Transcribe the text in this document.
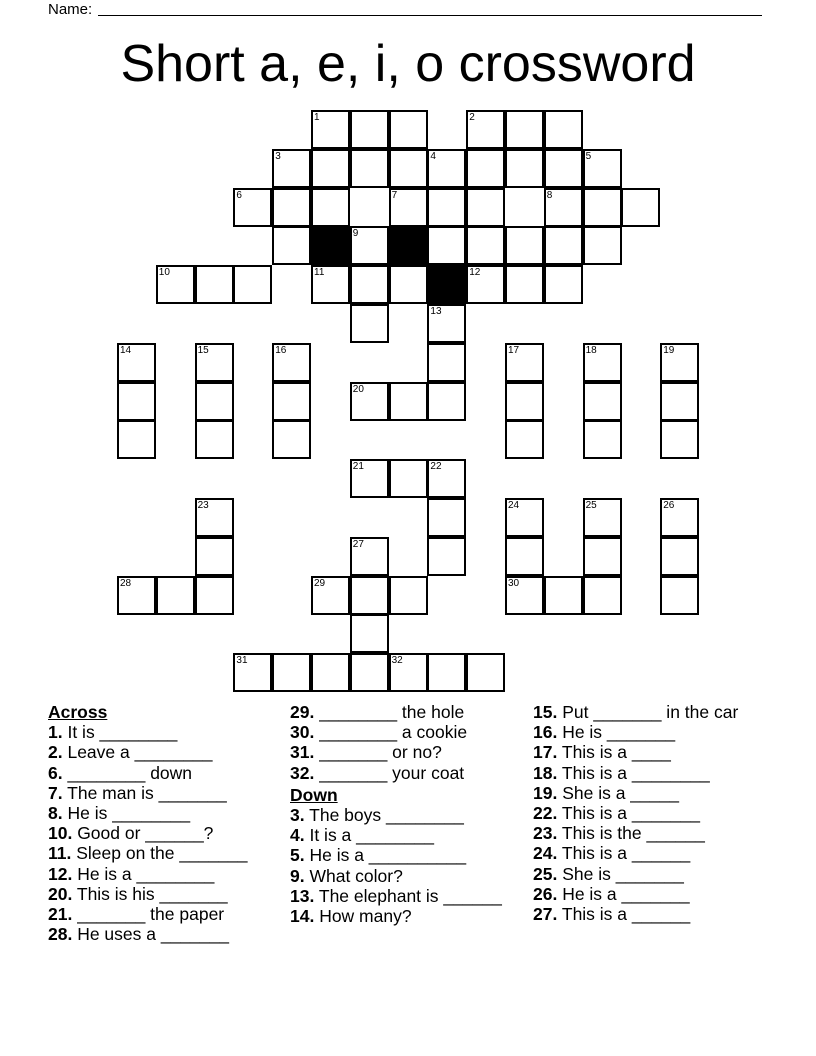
Name:
Short a, e, i, o crossword
1	2
3	4	5
6	7	8
9
10	11	12
13
14	15	16	17	18	19
20
21	22
23	24	25	26
27
28	29	30
31	32
Across
1. It is ________
2. Leave a ________
6. ________ down
7. The man is _______
8. He is ________
10. Good or ______?
11. Sleep on the _______
12. He is a ________
20. This is his _______
21. _______ the paper
28. He uses a _______
29. ________ the hole
30. ________ a cookie
31. _______ or no?
32. _______ your coat
Down
3. The boys ________
4. It is a ________
5. He is a __________
9. What color?
13. The elephant is ______
14. How many?
15. Put _______ in the car
16. He is _______
17. This is a ____
18. This is a ________
19. She is a _____
22. This is a _______
23. This is the ______
24. This is a ______
25. She is _______
26. He is a _______
27. This is a ______
